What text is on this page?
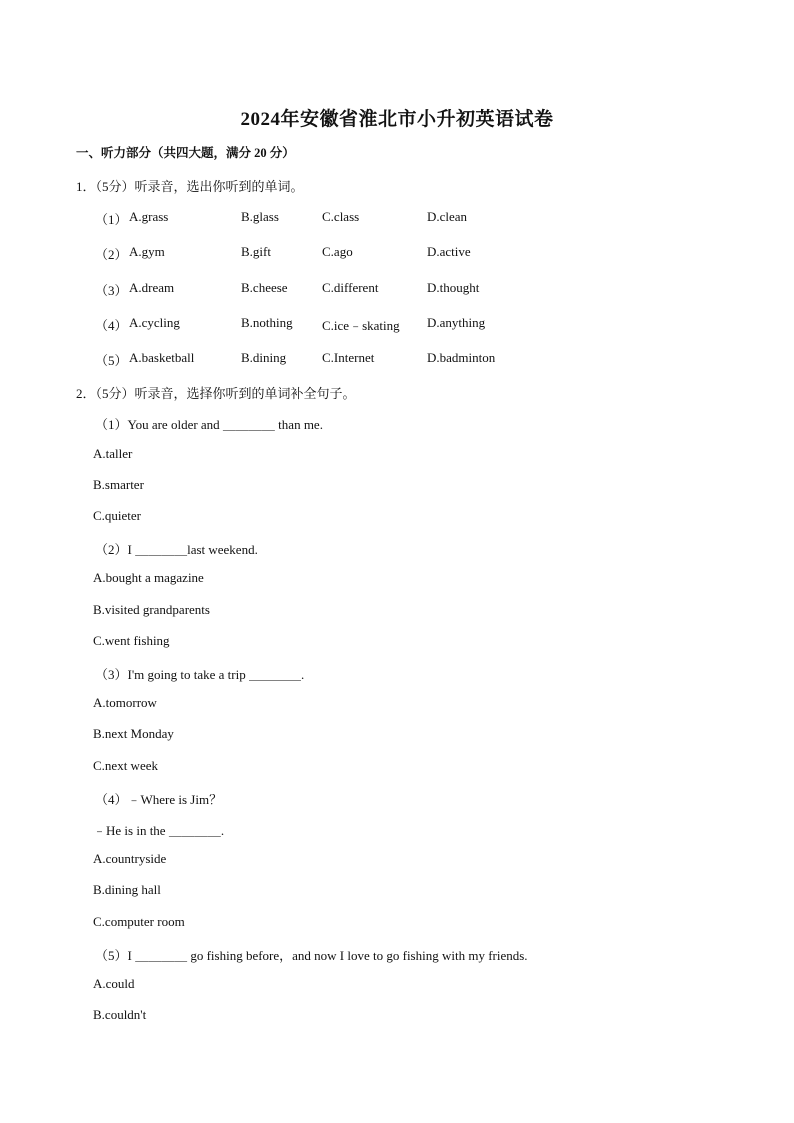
2024年安徽省淮北市小升初英语试卷
一、听力部分（共四大题，满分 20 分）
1．（5分）听录音，选出你听到的单词。
（1） A.grass	B.glass	C.class	D.clean
（2） A.gym	B.gift	C.ago	D.active
（3） A.dream	B.cheese	C.different	D.thought
（4） A.cycling	B.nothing C.ice﹣skating D.anything
（5） A.basketball	B.dining	C.Internet	D.badminton
2．（5分）听录音，选择你听到的单词补全句子。
（1）You are older and ＿＿＿＿ than me.
A.taller
B.smarter
C.quieter
（2）I ＿＿＿＿last weekend.
A.bought a magazine
B.visited grandparents
C.went fishing
（3）I'm going to take a trip ＿＿＿＿.
A.tomorrow
B.next Monday
C.next week
（4）﹣Where is Jim？
﹣He is in the ＿＿＿＿.
A.countryside
B.dining hall
C.computer room
（5）I ＿＿＿＿ go fishing before，and now I love to go fishing with my friends.
A.could
B.couldn't
